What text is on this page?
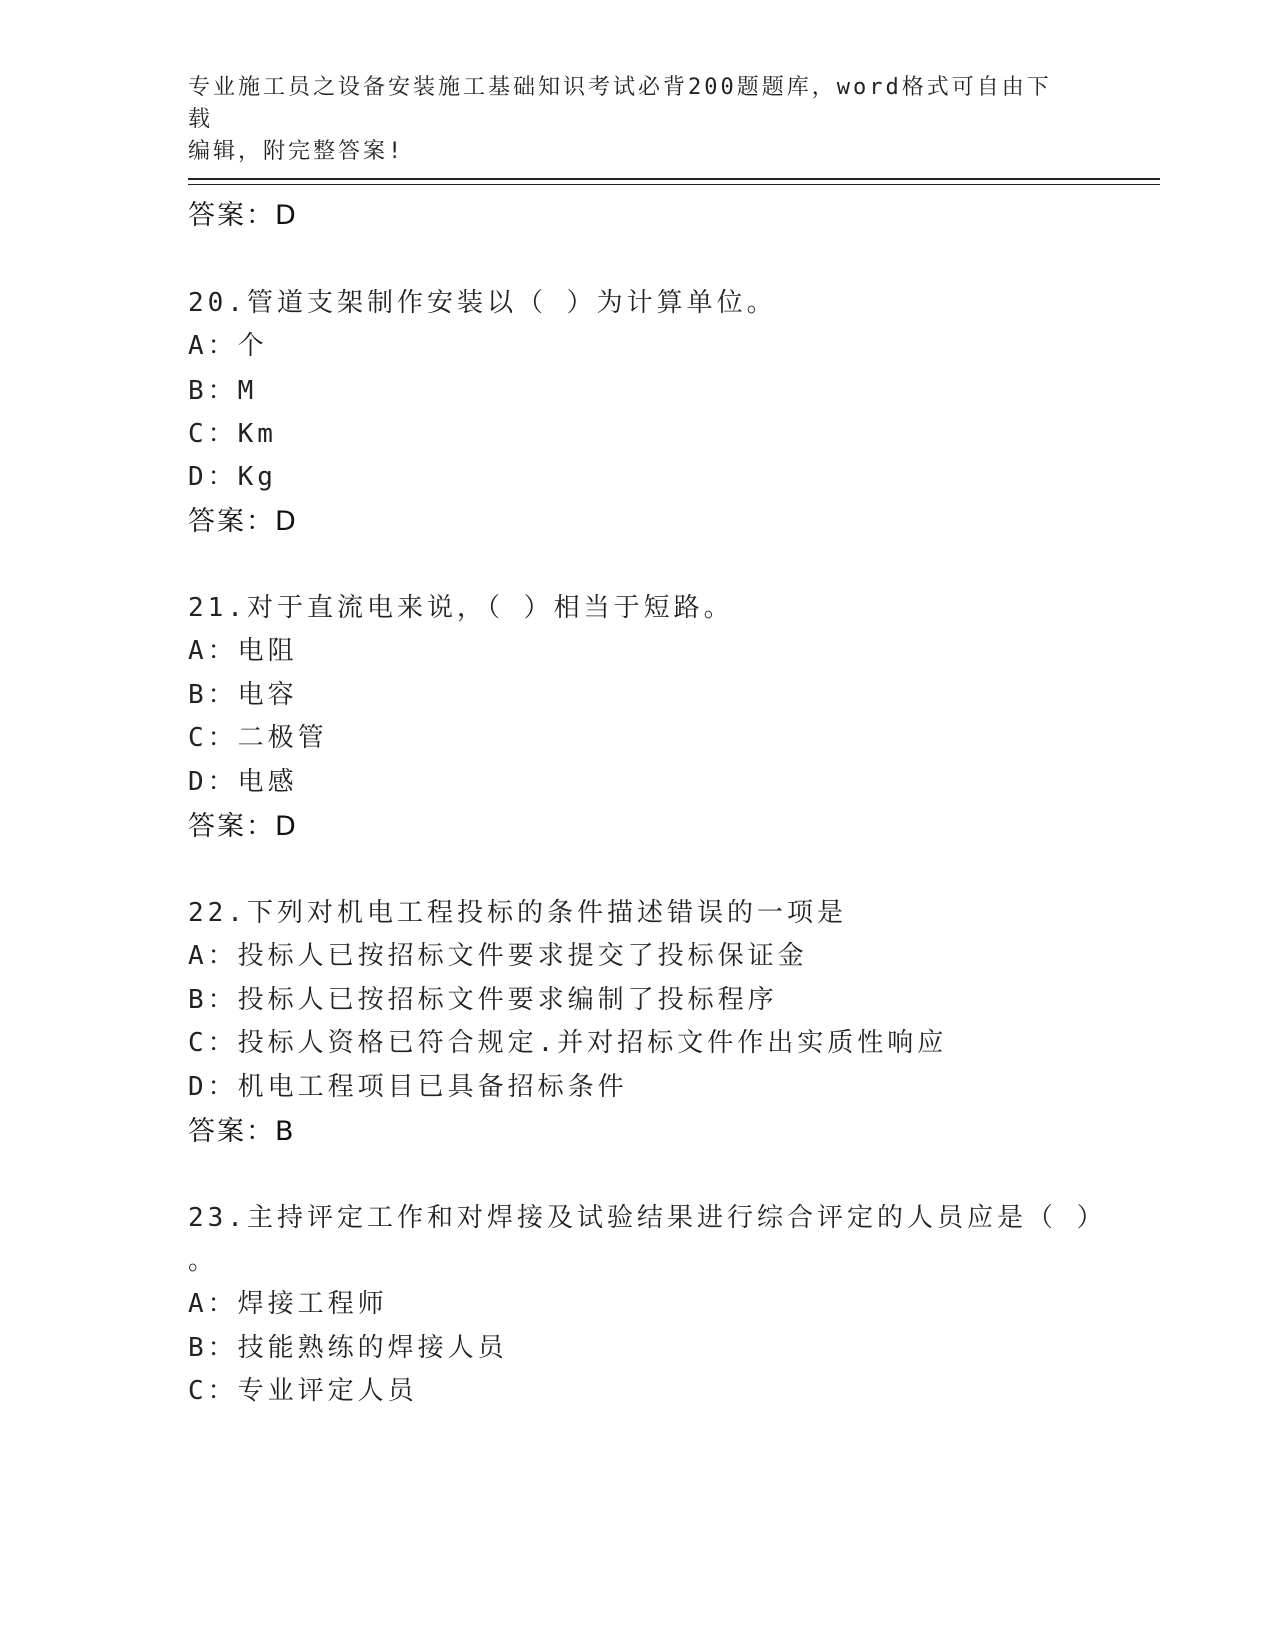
专业施工员之设备安装施工基础知识考试必背200题题库，word格式可自由下载
编辑，附完整答案!
答案：D
20.管道支架制作安装以（ ）为计算单位。
A：个
B：M
C：Km
D：Kg
答案：D
21.对于直流电来说，（ ）相当于短路。
A：电阻
B：电容
C：二极管
D：电感
答案：D
22.下列对机电工程投标的条件描述错误的一项是
A：投标人已按招标文件要求提交了投标保证金
B：投标人已按招标文件要求编制了投标程序
C：投标人资格已符合规定.并对招标文件作出实质性响应
D：机电工程项目已具备招标条件
答案：B
23.主持评定工作和对焊接及试验结果进行综合评定的人员应是（ ）
。
A：焊接工程师
B：技能熟练的焊接人员
C：专业评定人员
